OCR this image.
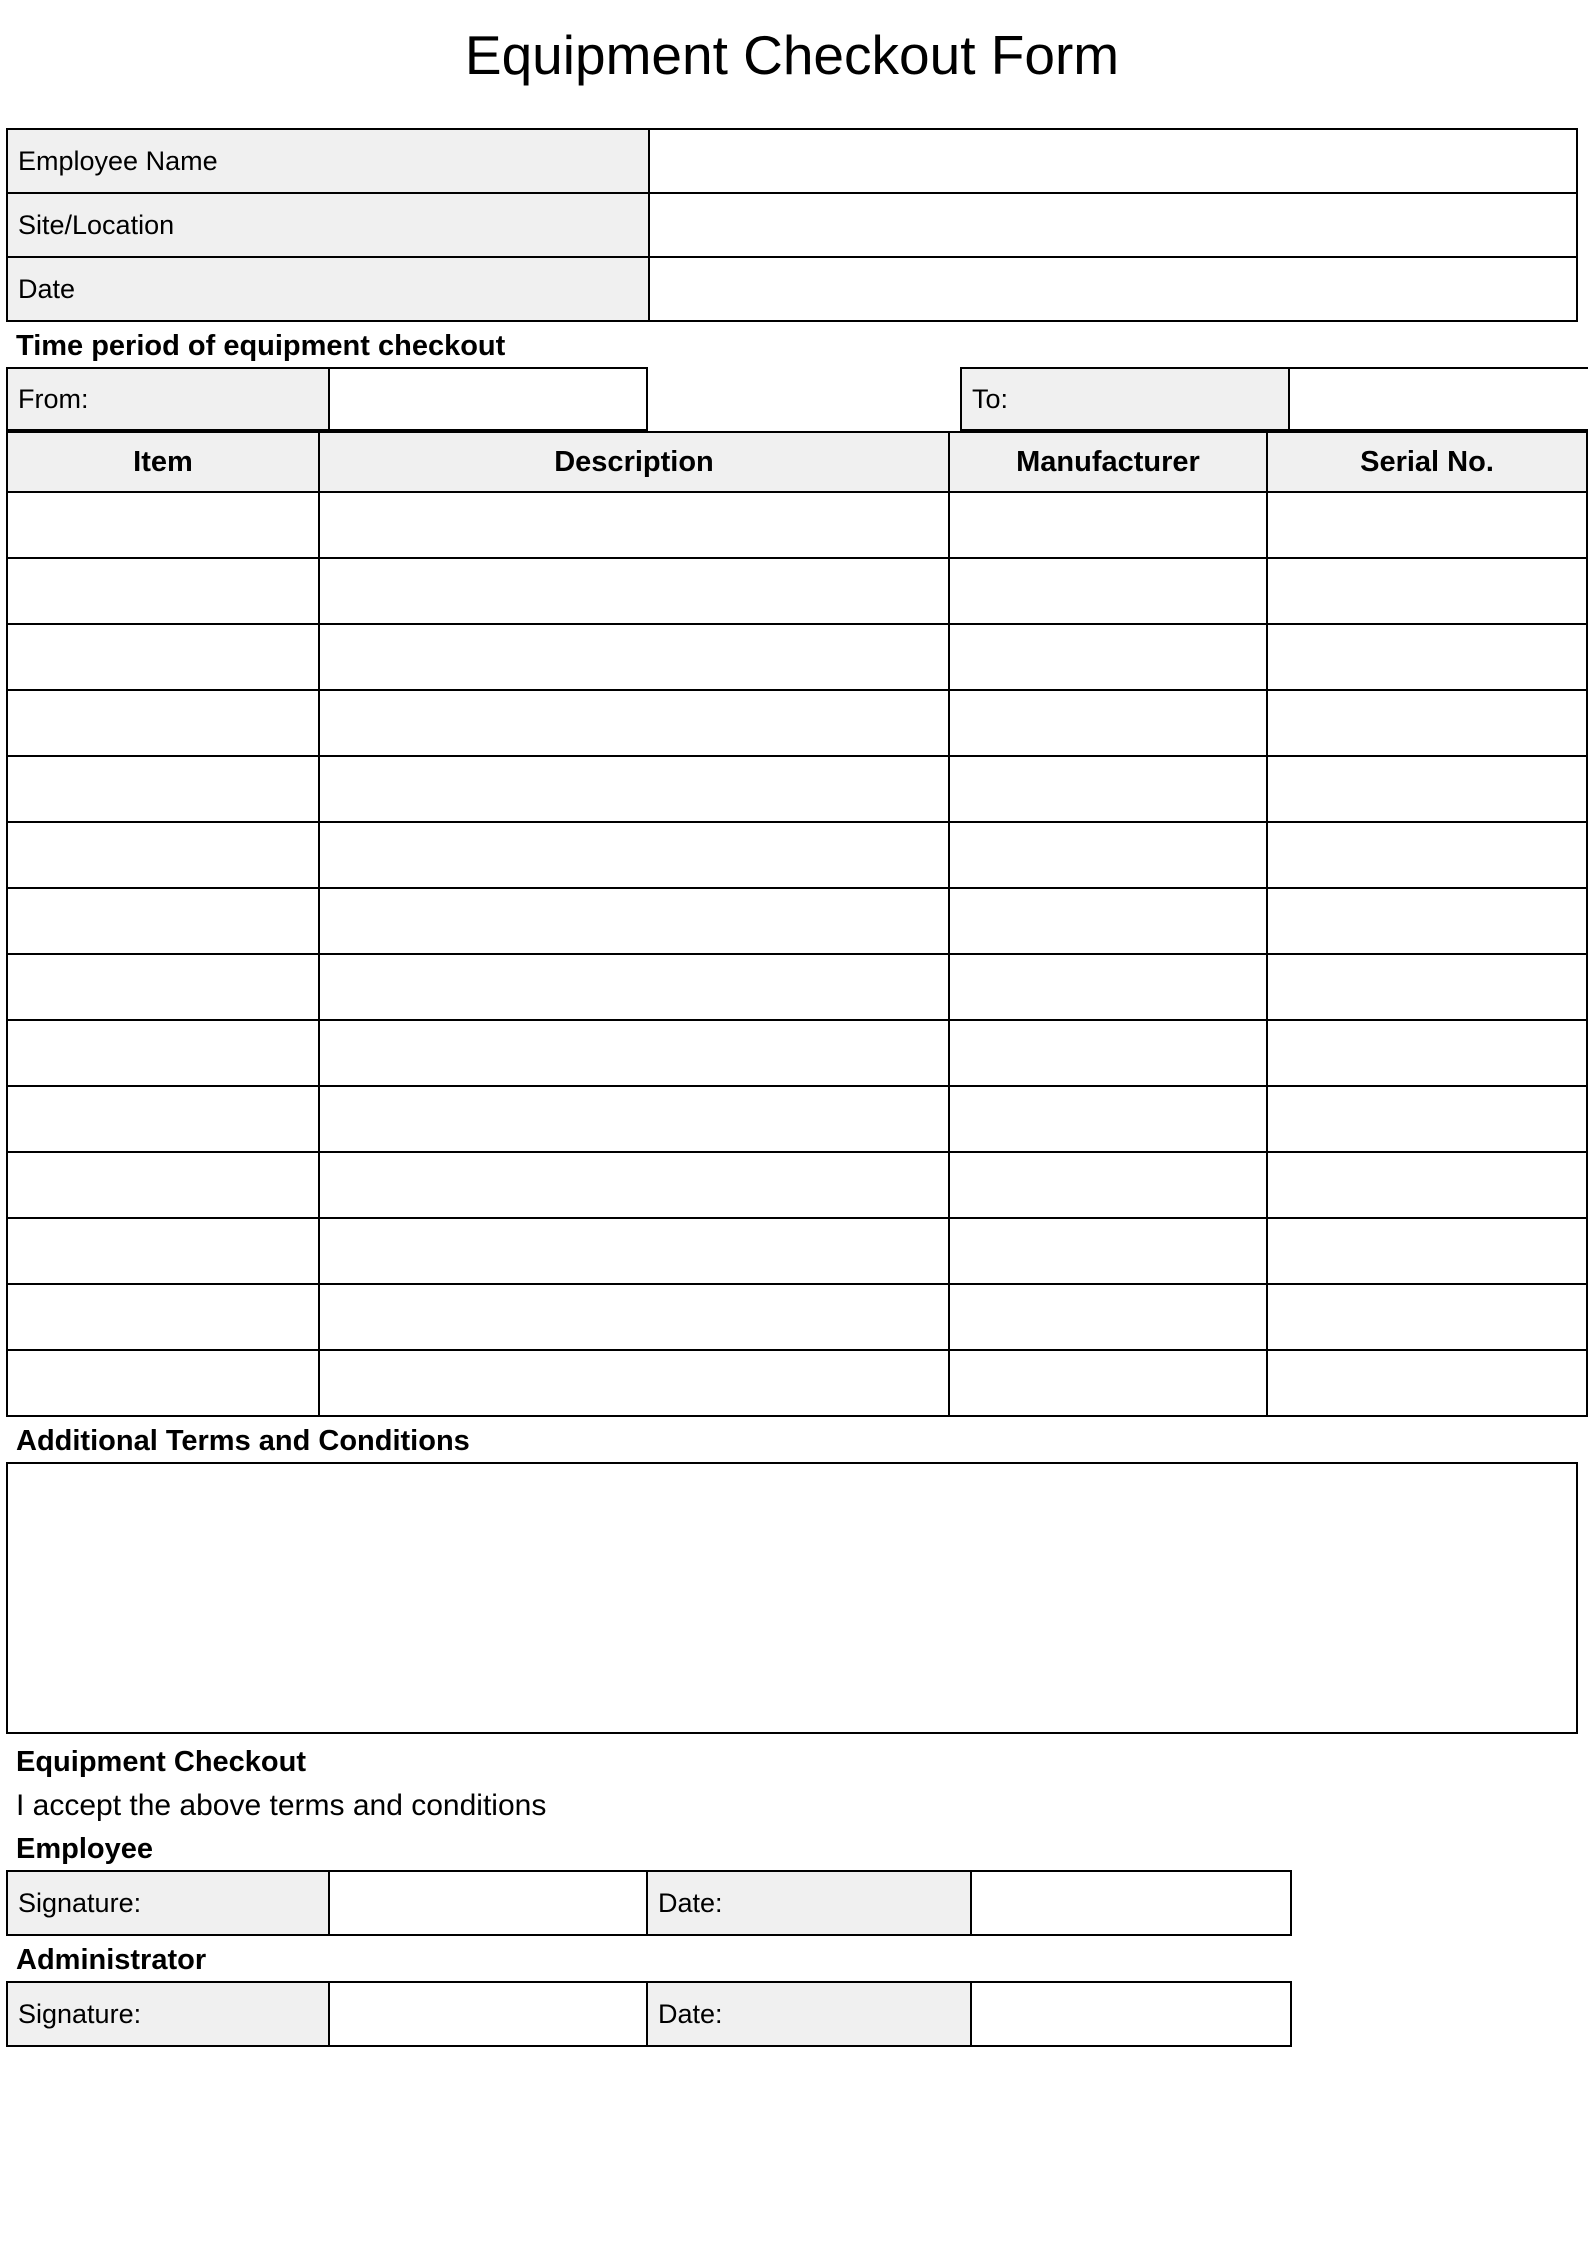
Equipment Checkout Form
Employee Name	
Site/Location	
Date	
Time period of equipment checkout
From:			To:	
Item	Description	Manufacturer	Serial No.

Additional Terms and Conditions
Equipment Checkout
I accept the above terms and conditions
Employee
Signature:		Date:	
Administrator
Signature:		Date:	
